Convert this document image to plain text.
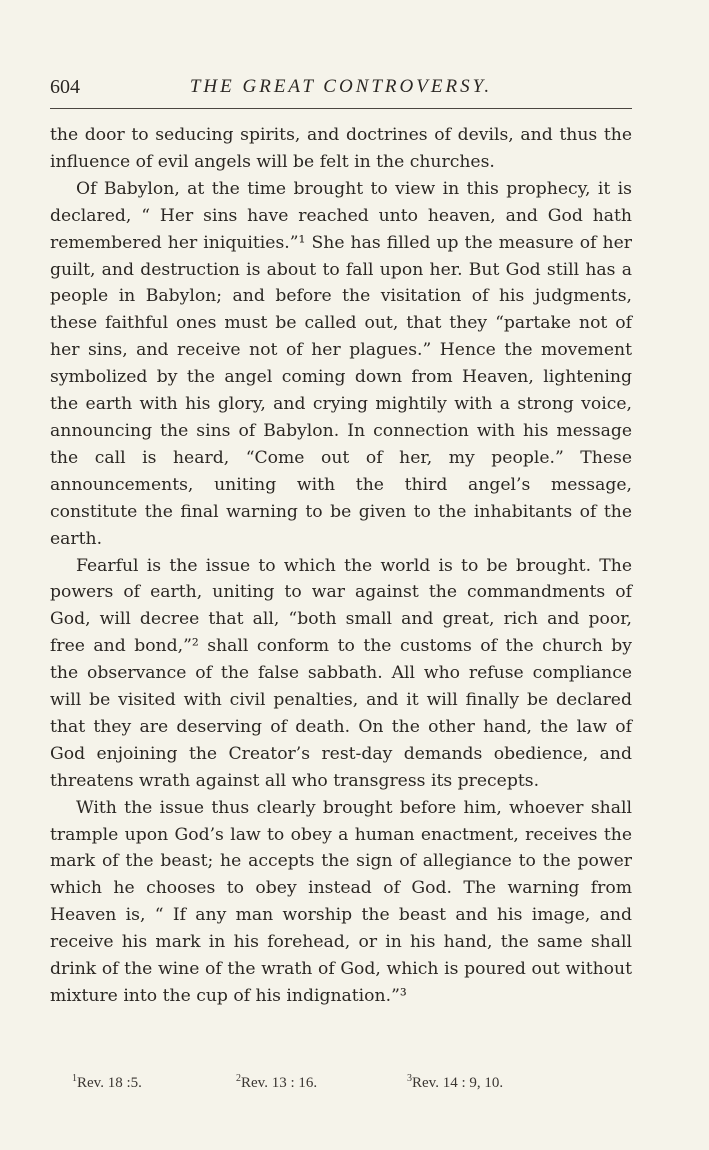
604	THE GREAT CONTROVERSY.

the door to seducing spirits, and doctrines of devils, and thus the influence of evil angels will be felt in the churches.

Of Babylon, at the time brought to view in this prophecy, it is declared, “ Her sins have reached unto heaven, and God hath remembered her iniquities.”¹ She has filled up the measure of her guilt, and destruction is about to fall upon her. But God still has a people in Babylon; and before the visitation of his judgments, these faithful ones must be called out, that they “partake not of her sins, and receive not of her plagues.” Hence the movement symbolized by the angel coming down from Heaven, lightening the earth with his glory, and crying mightily with a strong voice, announcing the sins of Babylon. In connection with his message the call is heard, “Come out of her, my people.” These announcements, uniting with the third angel’s message, constitute the final warning to be given to the inhabitants of the earth.

Fearful is the issue to which the world is to be brought. The powers of earth, uniting to war against the commandments of God, will decree that all, “both small and great, rich and poor, free and bond,”² shall conform to the customs of the church by the observance of the false sabbath. All who refuse compliance will be visited with civil penalties, and it will finally be declared that they are deserving of death. On the other hand, the law of God enjoining the Creator’s rest-day demands obedience, and threatens wrath against all who transgress its precepts.

With the issue thus clearly brought before him, whoever shall trample upon God’s law to obey a human enactment, receives the mark of the beast; he accepts the sign of allegiance to the power which he chooses to obey instead of God. The warning from Heaven is, “ If any man worship the beast and his image, and receive his mark in his forehead, or in his hand, the same shall drink of the wine of the wrath of God, which is poured out without mixture into the cup of his indignation.”³

$^1$Rev. 18 :5.	$^2$Rev. 13 : 16.	$^3$Rev. 14 : 9, 10.
